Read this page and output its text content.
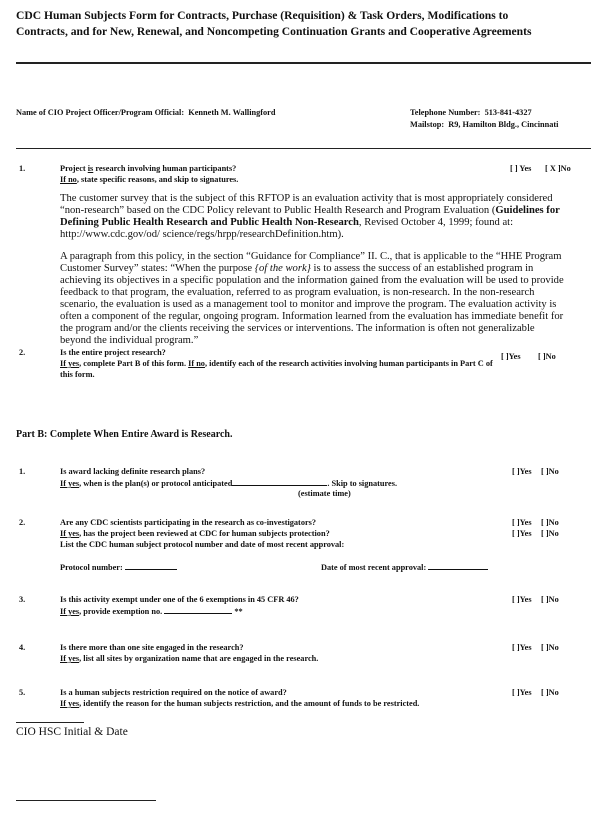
CDC Human Subjects Form for Contracts, Purchase (Requisition) & Task Orders, Modifications to
Contracts, and for New, Renewal, and Noncompeting Continuation Grants and Cooperative Agreements
Name of CIO Project Officer/Program Official: Kenneth M. Wallingford	Telephone Number: 513-841-4327
Mailstop: R9, Hamilton Bldg., Cincinnati
1.	Project is research involving human participants?
If no, state specific reasons, and skip to signatures.
[ ] Yes [ X ]No
The customer survey that is the subject of this RFTOP is an evaluation activity that is most appropriately considered
“non-research” based on the CDC Policy relevant to Public Health Research and Program Evaluation (Guidelines for
Defining Public Health Research and Public Health Non-Research, Revised October 4, 1999; found at:
http://www.cdc.gov/od/ science/regs/hrpp/researchDefinition.htm).
A paragraph from this policy, in the section “Guidance for Compliance” II. C., that is applicable to the “HHE Program
Customer Survey” states: “When the purpose {of the work} is to assess the success of an established program in
achieving its objectives in a specific population and the information gained from the evaluation will be used to provide
feedback to that program, the evaluation, referred to as program evaluation, is non-research. In the non-research
scenario, the evaluation is used as a management tool to monitor and improve the program. The evaluation activity is
often a component of the regular, ongoing program. Information learned from the evaluation has immediate benefit for
the program and/or the clients receiving the services or interventions. The information is often not generalizable
beyond the individual program.”
2.	Is the entire project research?
If yes, complete Part B of this form. If no, identify each of the research activities involving human participants in Part C of
this form.
[ ]Yes [ ]No
Part B: Complete When Entire Award is Research.
1.	Is award lacking definite research plans?
If yes, when is the plan(s) or protocol anticipated	. Skip to signatures.
(estimate time)
[ ]Yes [ ]No
2.	Are any CDC scientists participating in the research as co-investigators?
If yes, has the project been reviewed at CDC for human subjects protection?
List the CDC human subject protocol number and date of most recent approval:
[ ]Yes [ ]No
[ ]Yes [ ]No
Protocol number:	Date of most recent approval:
3.	Is this activity exempt under one of the 6 exemptions in 45 CFR 46?
If yes, provide exemption no.	**
[ ]Yes [ ]No
4.	Is there more than one site engaged in the research?
If yes, list all sites by organization name that are engaged in the research.
[ ]Yes [ ]No
5.	Is a human subjects restriction required on the notice of award?
If yes, identify the reason for the human subjects restriction, and the amount of funds to be restricted.
[ ]Yes [ ]No
CIO HSC Initial & Date
